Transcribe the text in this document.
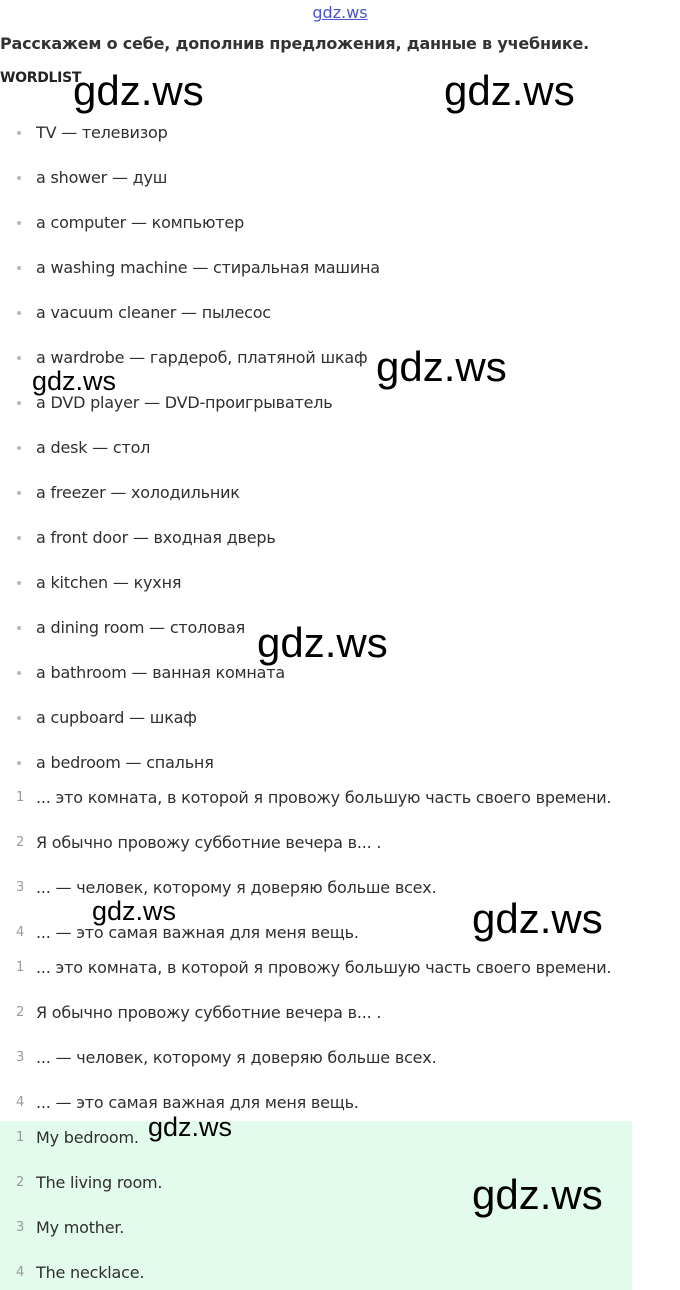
gdz.ws
Расскажем о себе, дополнив предложения, данные в учебнике.
WORDLIST
TV — телевизор
a shower — душ
a computer — компьютер
a washing machine — стиральная машина
a vacuum cleaner — пылесос
a wardrobe — гардероб, платяной шкаф
a DVD player — DVD-проигрыватель
a desk — стол
a freezer — холодильник
a front door — входная дверь
a kitchen — кухня
a dining room — столовая
a bathroom — ванная комната
a cupboard — шкаф
a bedroom — спальня
1 ... это комната, в которой я провожу большую часть своего времени.
2 Я обычно провожу субботние вечера в... .
3 ... — человек, которому я доверяю больше всех.
4 ... — это самая важная для меня вещь.
1 ... это комната, в которой я провожу большую часть своего времени.
2 Я обычно провожу субботние вечера в... .
3 ... — человек, которому я доверяю больше всех.
4 ... — это самая важная для меня вещь.
1 My bedroom.
2 The living room.
3 My mother.
4 The necklace.
gdz.ws	gdz.ws
gdz.ws
gdz.ws
gdz.ws
gdz.ws	gdz.ws
gdz.ws
gdz.ws
